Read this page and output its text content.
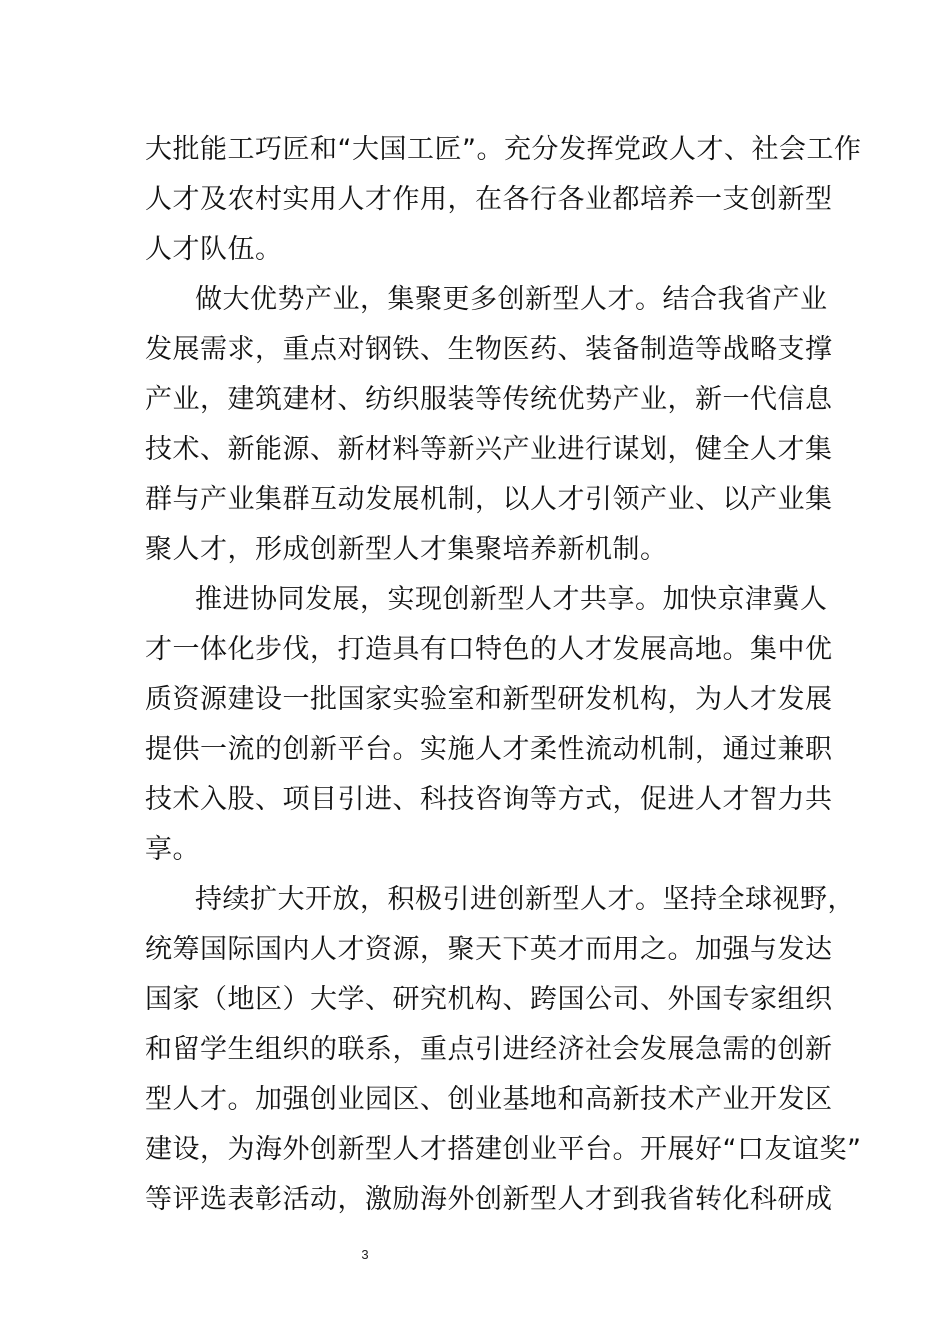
大批能工巧匠和“大国工匠”。充分发挥党政人才、社会工作
人才及农村实用人才作用，在各行各业都培养一支创新型
人才队伍。
做大优势产业，集聚更多创新型人才。结合我省产业
发展需求，重点对钢铁、生物医药、装备制造等战略支撑
产业，建筑建材、纺织服装等传统优势产业，新一代信息
技术、新能源、新材料等新兴产业进行谋划，健全人才集
群与产业集群互动发展机制，以人才引领产业、以产业集
聚人才，形成创新型人才集聚培养新机制。
推进协同发展，实现创新型人才共享。加快京津冀人
才一体化步伐，打造具有口特色的人才发展高地。集中优
质资源建设一批国家实验室和新型研发机构，为人才发展
提供一流的创新平台。实施人才柔性流动机制，通过兼职
技术入股、项目引进、科技咨询等方式，促进人才智力共
享。
持续扩大开放，积极引进创新型人才。坚持全球视野，
统筹国际国内人才资源，聚天下英才而用之。加强与发达
国家（地区）大学、研究机构、跨国公司、外国专家组织
和留学生组织的联系，重点引进经济社会发展急需的创新
型人才。加强创业园区、创业基地和高新技术产业开发区
建设，为海外创新型人才搭建创业平台。开展好“口友谊奖”
等评选表彰活动，激励海外创新型人才到我省转化科研成
3
